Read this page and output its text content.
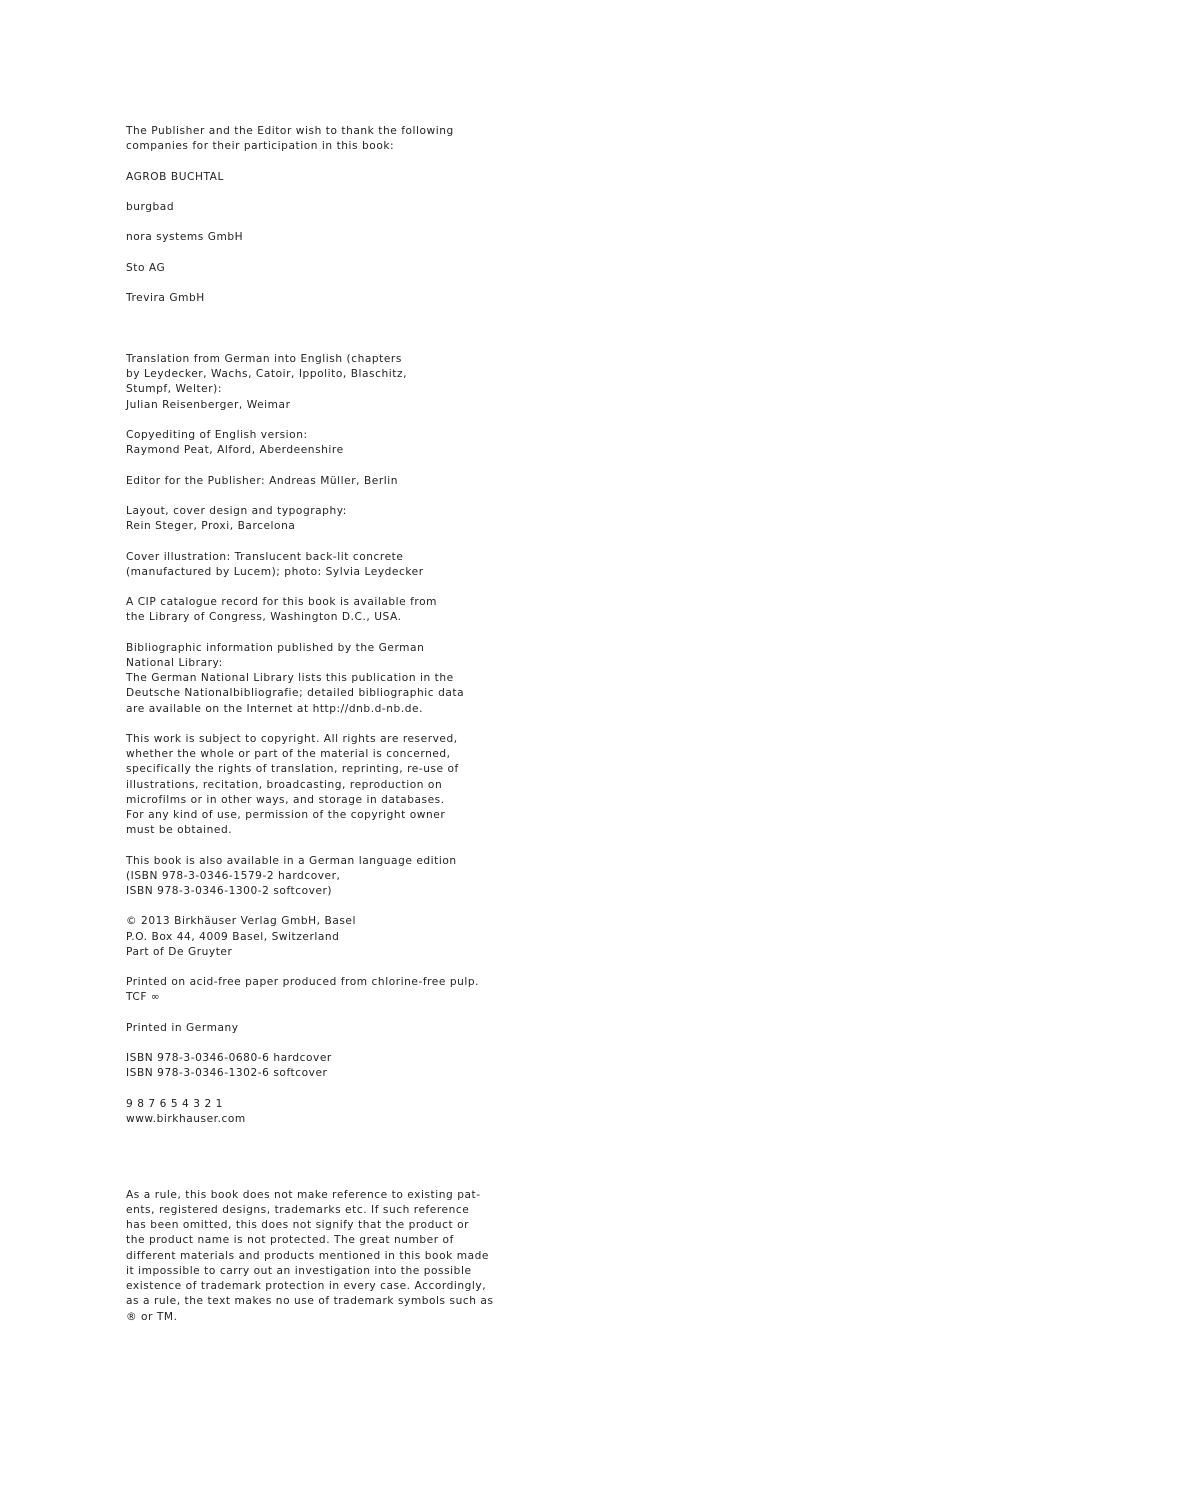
The Publisher and the Editor wish to thank the following
companies for their participation in this book:
AGROB BUCHTAL
burgbad
nora systems GmbH
Sto AG
Trevira GmbH
Translation from German into English (chapters
by Leydecker, Wachs, Catoir, Ippolito, Blaschitz,
Stumpf, Welter):
Julian Reisenberger, Weimar
Copyediting of English version:
Raymond Peat, Alford, Aberdeenshire
Editor for the Publisher: Andreas Müller, Berlin
Layout, cover design and typography:
Rein Steger, Proxi, Barcelona
Cover illustration: Translucent back-lit concrete
(manufactured by Lucem); photo: Sylvia Leydecker
A CIP catalogue record for this book is available from
the Library of Congress, Washington D.C., USA.
Bibliographic information published by the German
National Library:
The German National Library lists this publication in the
Deutsche Nationalbibliografie; detailed bibliographic data
are available on the Internet at http://dnb.d-nb.de.
This work is subject to copyright. All rights are reserved,
whether the whole or part of the material is concerned,
specifically the rights of translation, reprinting, re-use of
illustrations, recitation, broadcasting, reproduction on
microfilms or in other ways, and storage in databases.
For any kind of use, permission of the copyright owner
must be obtained.
This book is also available in a German language edition
(ISBN 978-3-0346-1579-2 hardcover,
ISBN 978-3-0346-1300-2 softcover)
© 2013 Birkhäuser Verlag GmbH, Basel
P.O. Box 44, 4009 Basel, Switzerland
Part of De Gruyter
Printed on acid-free paper produced from chlorine-free pulp.
TCF ∞
Printed in Germany
ISBN 978-3-0346-0680-6 hardcover
ISBN 978-3-0346-1302-6 softcover
9 8 7 6 5 4 3 2 1
www.birkhauser.com
As a rule, this book does not make reference to existing pat-
ents, registered designs, trademarks etc. If such reference
has been omitted, this does not signify that the product or
the product name is not protected. The great number of
different materials and products mentioned in this book made
it impossible to carry out an investigation into the possible
existence of trademark protection in every case. Accordingly,
as a rule, the text makes no use of trademark symbols such as
® or TM.
